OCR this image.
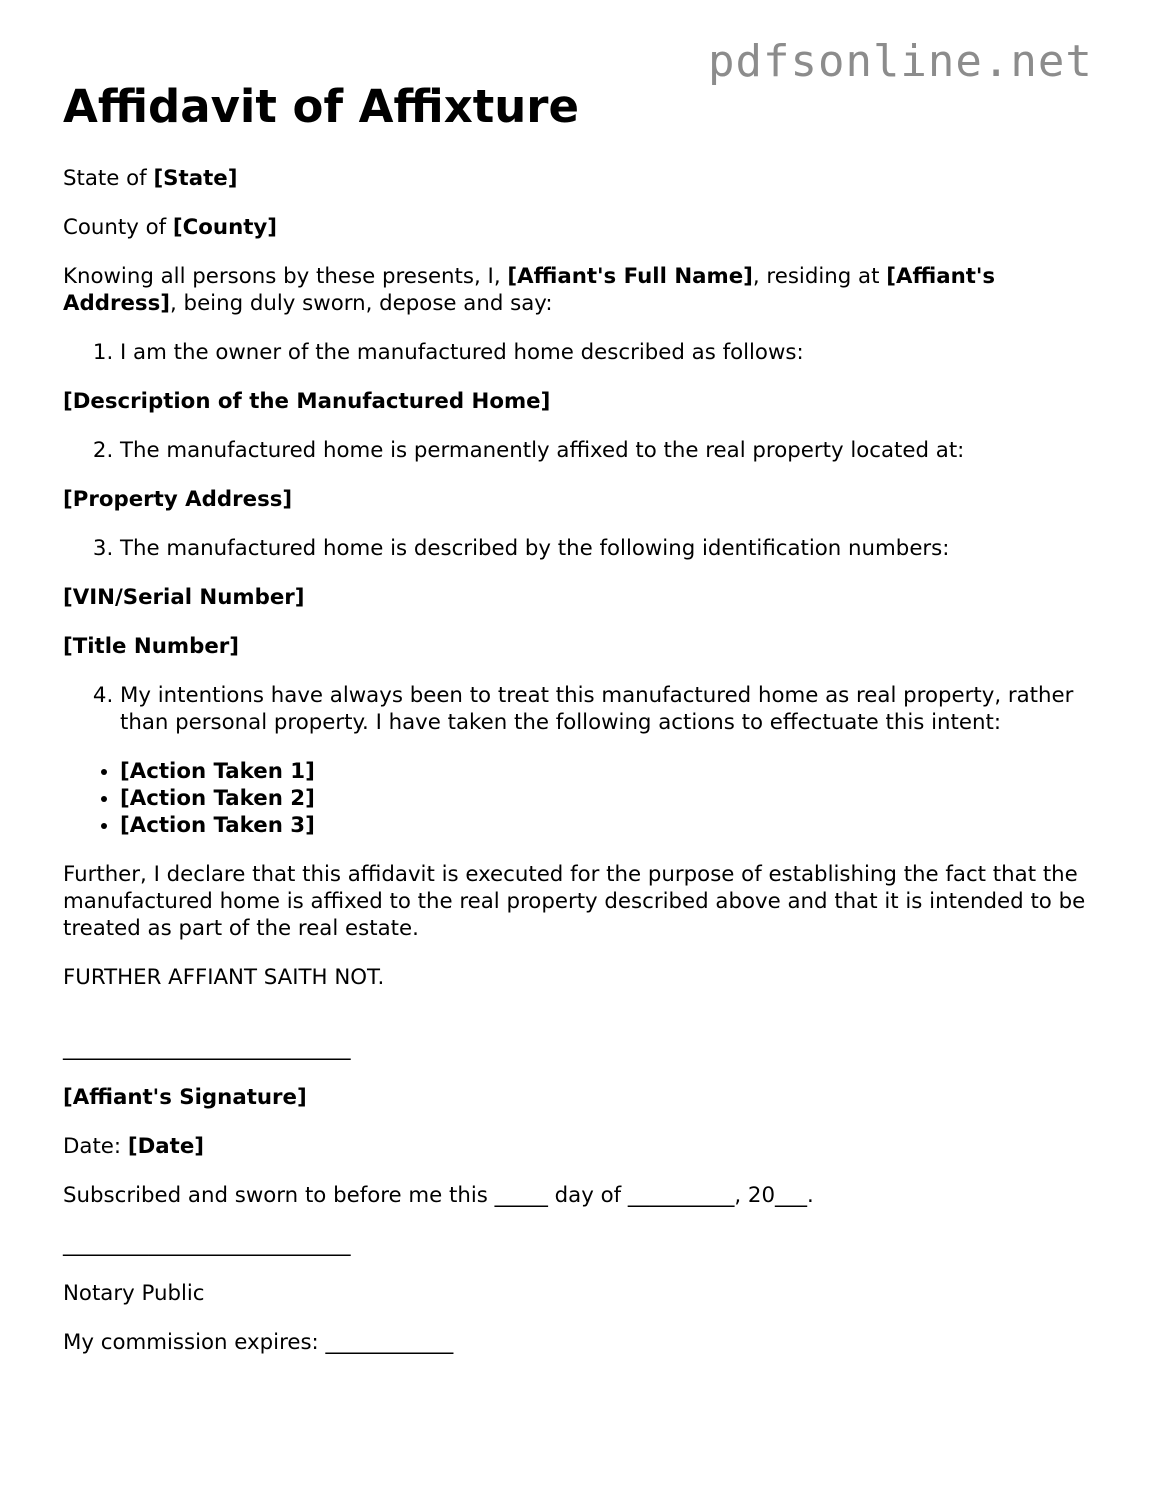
pdfsonline.net
Affidavit of Affixture

State of [State]

County of [County]

Knowing all persons by these presents, I, [Affiant's Full Name], residing at [Affiant's Address], being duly sworn, depose and say:

1. I am the owner of the manufactured home described as follows:

[Description of the Manufactured Home]

2. The manufactured home is permanently affixed to the real property located at:

[Property Address]

3. The manufactured home is described by the following identification numbers:

[VIN/Serial Number]

[Title Number]

4. My intentions have always been to treat this manufactured home as real property, rather than personal property. I have taken the following actions to effectuate this intent:
• [Action Taken 1]
• [Action Taken 2]
• [Action Taken 3]

Further, I declare that this affidavit is executed for the purpose of establishing the fact that the manufactured home is affixed to the real property described above and that it is intended to be treated as part of the real estate.

FURTHER AFFIANT SAITH NOT.

___________________________

[Affiant's Signature]

Date: [Date]

Subscribed and sworn to before me this _____ day of __________, 20___.

___________________________

Notary Public

My commission expires: ____________
